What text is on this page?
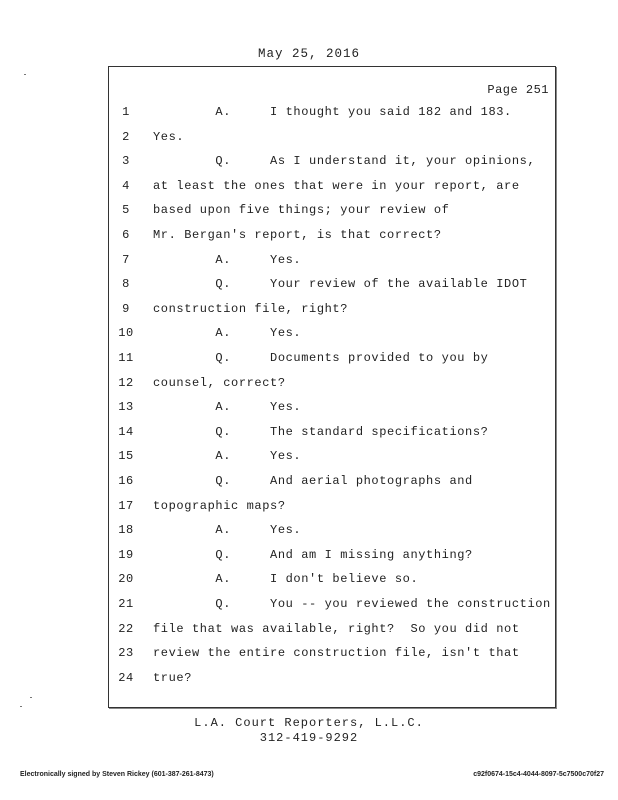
May 25, 2016
Page 251
1	A.     I thought you said 182 and 183.
2	Yes.
3	Q.     As I understand it, your opinions,
4	at least the ones that were in your report, are
5	based upon five things; your review of
6	Mr. Bergan's report, is that correct?
7	A.     Yes.
8	Q.     Your review of the available IDOT
9	construction file, right?
10 A.     Yes.
11 Q.     Documents provided to you by
12 counsel, correct?
13 A.     Yes.
14 Q.     The standard specifications?
15 A.     Yes.
16 Q.     And aerial photographs and
17 topographic maps?
18 A.     Yes.
19 Q.     And am I missing anything?
20 A.     I don't believe so.
21 Q.     You -- you reviewed the construction
22 file that was available, right?  So you did not
23 review the entire construction file, isn't that
24 true?
L.A. Court Reporters, L.L.C.
312-419-9292
Electronically signed by Steven Rickey (601-387-261-8473)	c92f0674-15c4-4044-8097-5c7500c70f27
